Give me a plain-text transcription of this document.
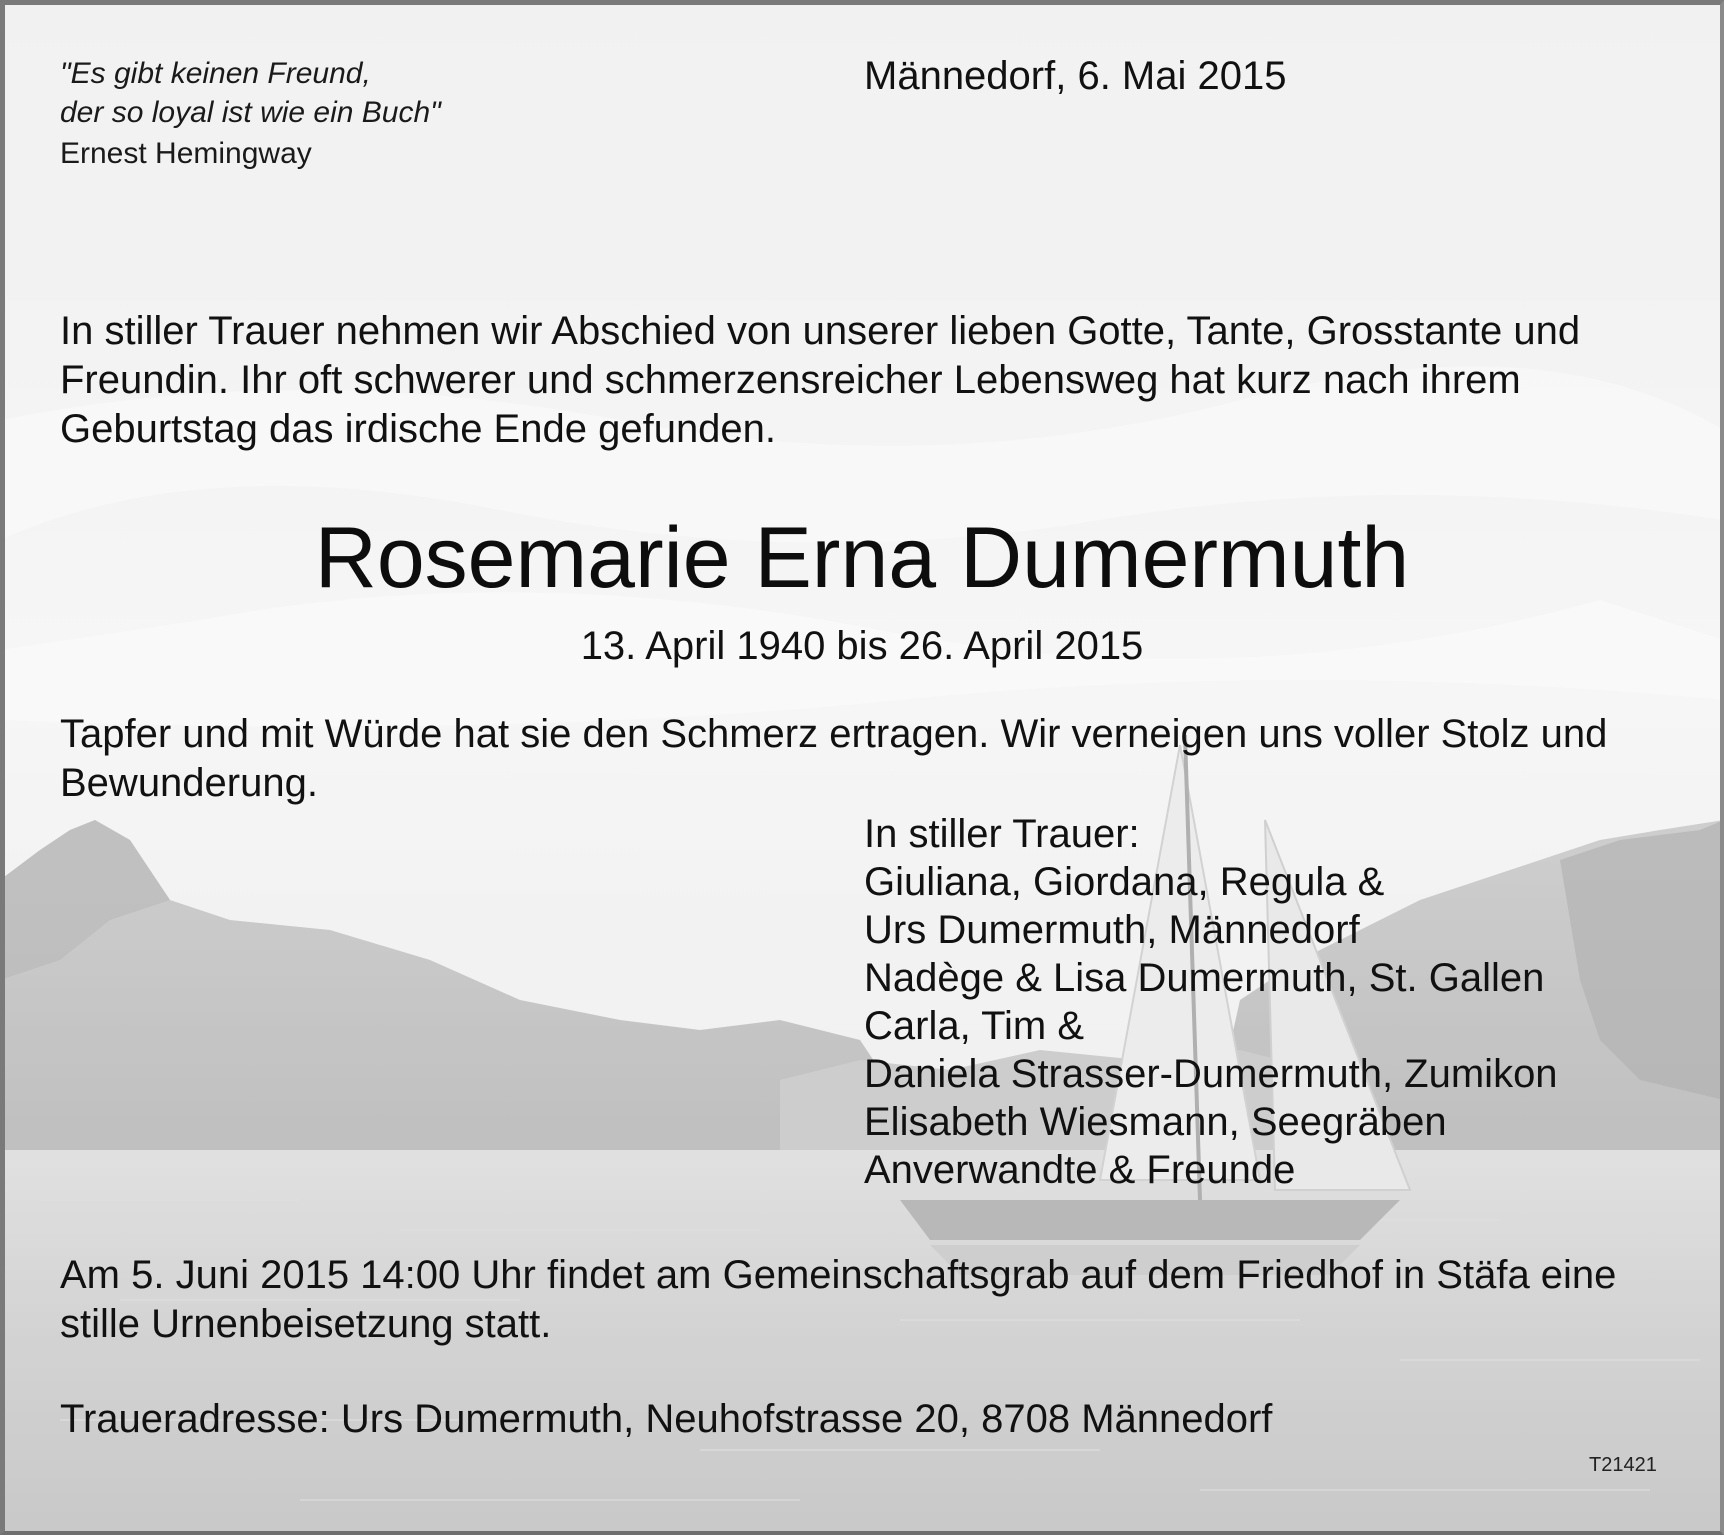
"Es gibt keinen Freund,
der so loyal ist wie ein Buch"
Ernest Hemingway
Männedorf, 6. Mai 2015
In stiller Trauer nehmen wir Abschied von unserer lieben Gotte, Tante, Grosstante und
Freundin. Ihr oft schwerer und schmerzensreicher Lebensweg hat kurz nach ihrem
Geburtstag das irdische Ende gefunden.
Rosemarie Erna Dumermuth
13. April 1940 bis 26. April 2015
Tapfer und mit Würde hat sie den Schmerz ertragen. Wir verneigen uns voller Stolz und
Bewunderung.
In stiller Trauer:
Giuliana, Giordana, Regula &
Urs Dumermuth, Männedorf
Nadège & Lisa Dumermuth, St. Gallen
Carla, Tim &
Daniela Strasser-Dumermuth, Zumikon
Elisabeth Wiesmann, Seegräben
Anverwandte & Freunde
Am 5. Juni 2015 14:00 Uhr findet am Gemeinschaftsgrab auf dem Friedhof in Stäfa eine
stille Urnenbeisetzung statt.
Traueradresse: Urs Dumermuth, Neuhofstrasse 20, 8708 Männedorf
T21421
